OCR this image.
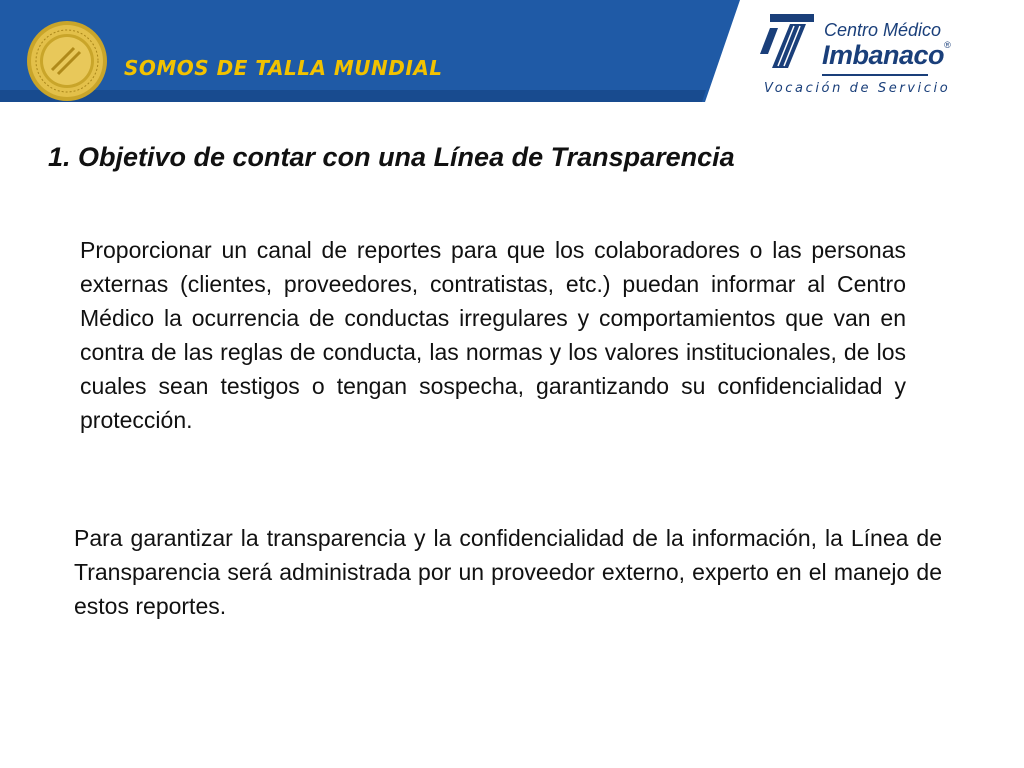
SOMOS DE TALLA MUNDIAL
Centro Médico
Imbanaco®
Vocación de Servicio
1. Objetivo de contar con una Línea de Transparencia

Proporcionar un canal de reportes para que los colaboradores o las personas externas (clientes, proveedores, contratistas, etc.) puedan informar al Centro Médico la ocurrencia de conductas irregulares y comportamientos que van en contra de las reglas de conducta, las normas y los valores institucionales, de los cuales sean testigos o tengan sospecha, garantizando su confidencialidad y protección.

Para garantizar la transparencia y la confidencialidad de la información, la Línea de Transparencia será administrada por un proveedor externo, experto en el manejo de estos reportes.
